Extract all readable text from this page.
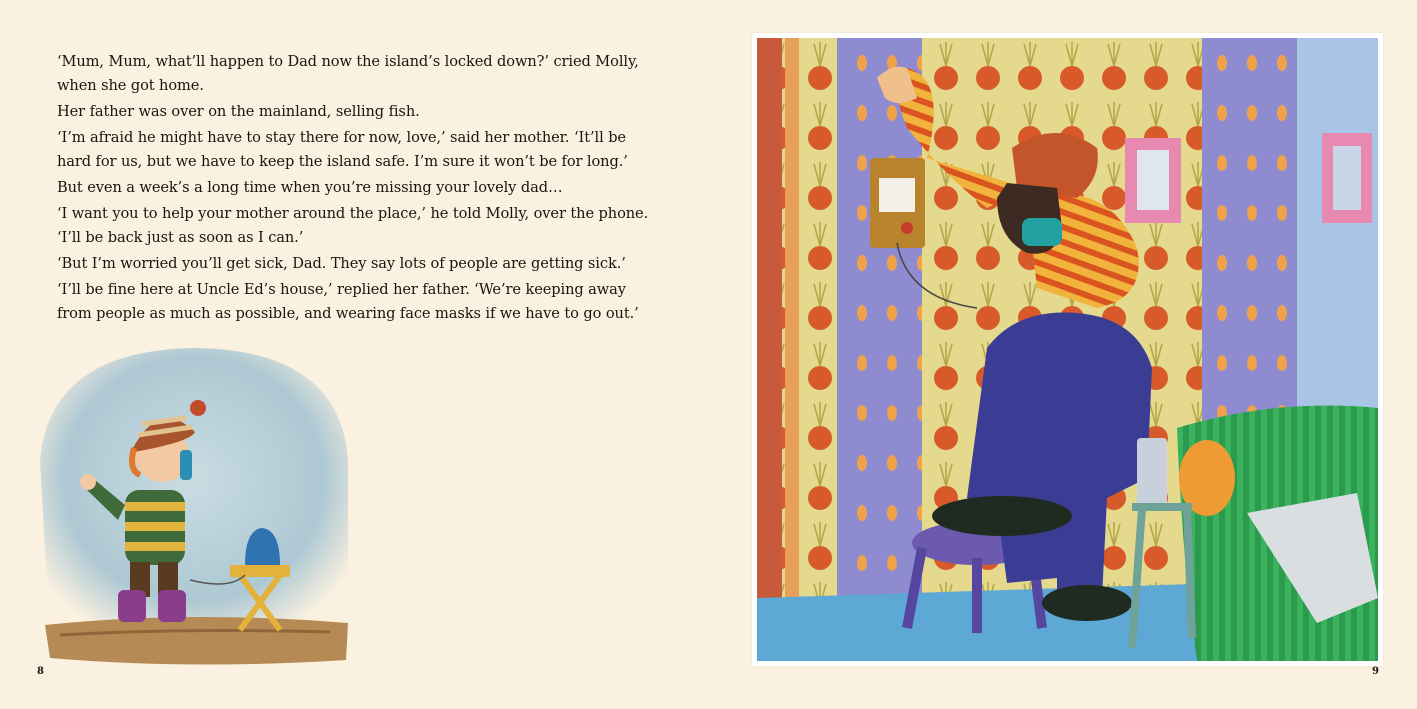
‘Mum, Mum, what’ll happen to Dad now the island’s locked down?’ cried Molly, when she got home.

Her father was over on the mainland, selling fish.

‘I’m afraid he might have to stay there for now, love,’ said her mother. ‘It’ll be hard for us, but we have to keep the island safe. I’m sure it won’t be for long.’

But even a week’s a long time when you’re missing your lovely dad…

‘I want you to help your mother around the place,’ he told Molly, over the phone. ‘I’ll be back just as soon as I can.’

‘But I’m worried you’ll get sick, Dad. They say lots of people are getting sick.’

‘I’ll be fine here at Uncle Ed’s house,’ replied her father. ‘We’re keeping away from people as much as possible, and wearing face masks if we have to go out.’

8	9
